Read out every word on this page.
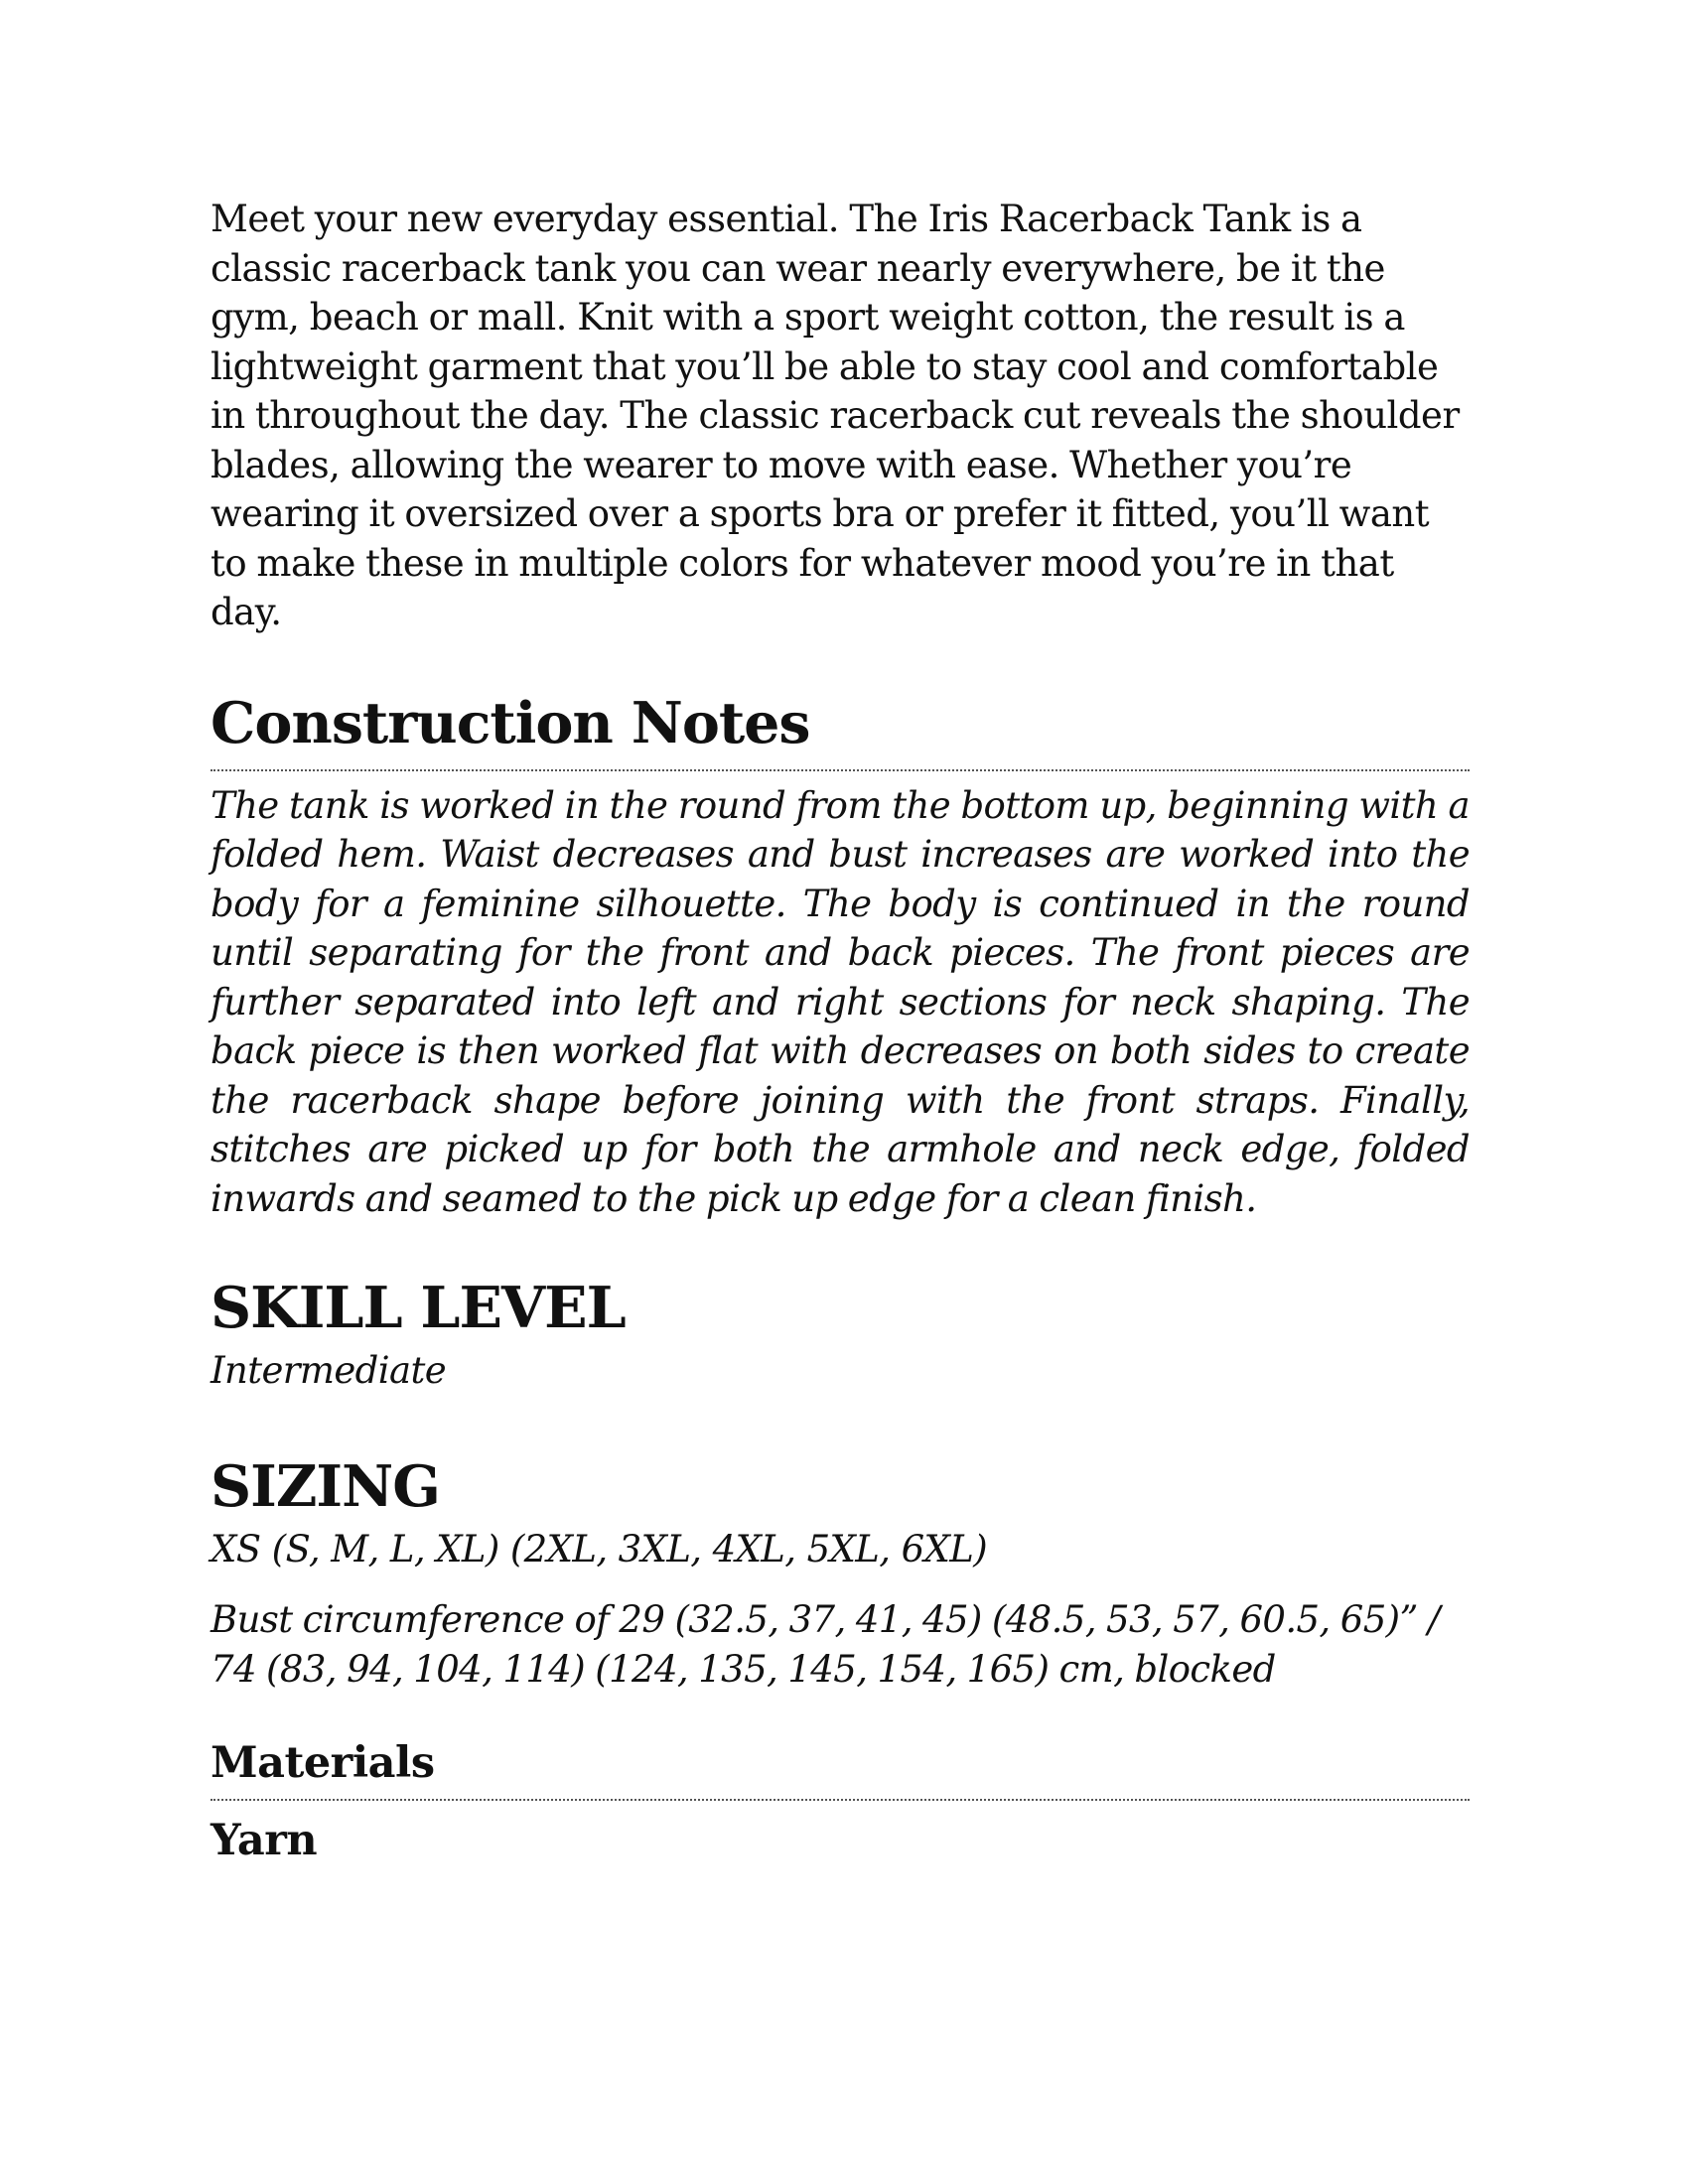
Meet your new everyday essential. The Iris Racerback Tank is a classic racerback tank you can wear nearly everywhere, be it the gym, beach or mall. Knit with a sport weight cotton, the result is a lightweight garment that you’ll be able to stay cool and comfortable in throughout the day. The classic racerback cut reveals the shoulder blades, allowing the wearer to move with ease. Whether you’re wearing it oversized over a sports bra or prefer it fitted, you’ll want to make these in multiple colors for whatever mood you’re in that day.

Construction Notes

The tank is worked in the round from the bottom up, beginning with a folded hem. Waist decreases and bust increases are worked into the body for a feminine silhouette. The body is continued in the round until separating for the front and back pieces. The front pieces are further separated into left and right sections for neck shaping. The back piece is then worked flat with decreases on both sides to create the racerback shape before joining with the front straps. Finally, stitches are picked up for both the armhole and neck edge, folded inwards and seamed to the pick up edge for a clean finish.

SKILL LEVEL

Intermediate

SIZING

XS (S, M, L, XL) (2XL, 3XL, 4XL, 5XL, 6XL)

Bust circumference of 29 (32.5, 37, 41, 45) (48.5, 53, 57, 60.5, 65)” / 74 (83, 94, 104, 114) (124, 135, 145, 154, 165) cm, blocked

Materials
Yarn
